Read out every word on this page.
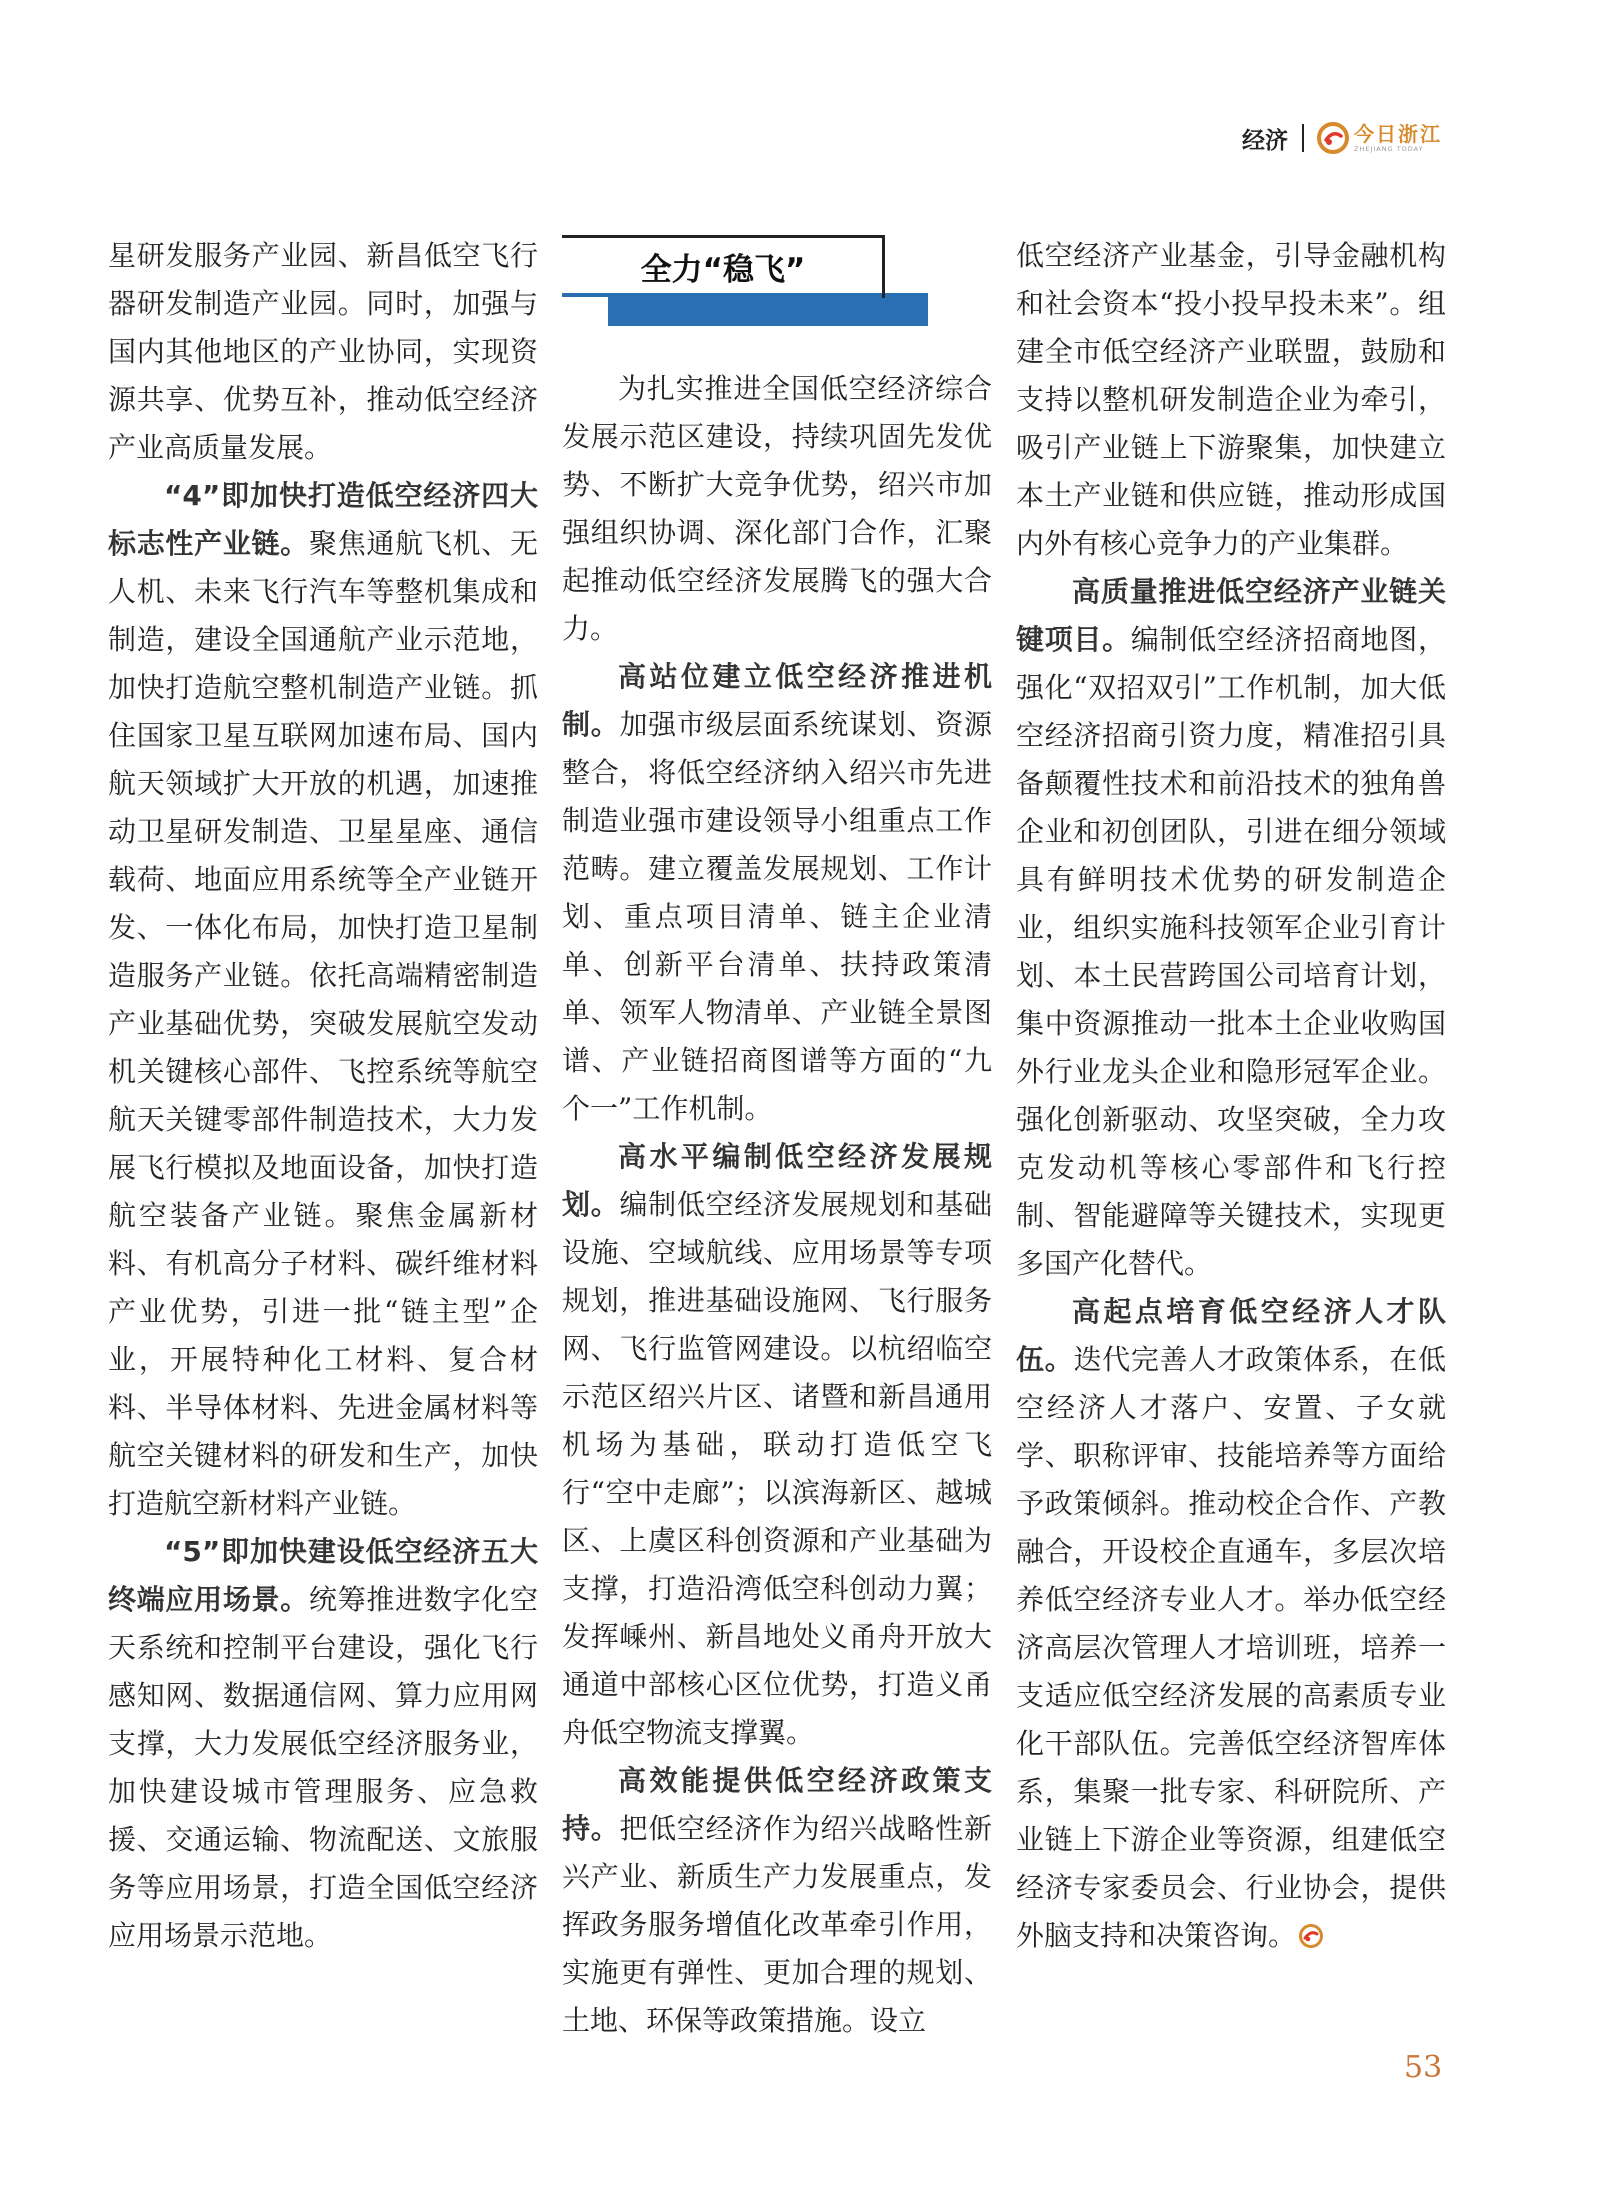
经济	今日浙江
ZHEJIANG TODAY

星研发服务产业园、新昌低空飞行器研发制造产业园。同时，加强与国内其他地区的产业协同，实现资源共享、优势互补，推动低空经济产业高质量发展。

“4”即加快打造低空经济四大标志性产业链。聚焦通航飞机、无人机、未来飞行汽车等整机集成和制造，建设全国通航产业示范地，加快打造航空整机制造产业链。抓住国家卫星互联网加速布局、国内航天领域扩大开放的机遇，加速推动卫星研发制造、卫星星座、通信载荷、地面应用系统等全产业链开发、一体化布局，加快打造卫星制造服务产业链。依托高端精密制造产业基础优势，突破发展航空发动机关键核心部件、飞控系统等航空航天关键零部件制造技术，大力发展飞行模拟及地面设备，加快打造航空装备产业链。聚焦金属新材料、有机高分子材料、碳纤维材料产业优势，引进一批“链主型”企业，开展特种化工材料、复合材料、半导体材料、先进金属材料等航空关键材料的研发和生产，加快打造航空新材料产业链。

“5”即加快建设低空经济五大终端应用场景。统筹推进数字化空天系统和控制平台建设，强化飞行感知网、数据通信网、算力应用网支撑，大力发展低空经济服务业，加快建设城市管理服务、应急救援、交通运输、物流配送、文旅服务等应用场景，打造全国低空经济应用场景示范地。

全力“稳飞”

为扎实推进全国低空经济综合发展示范区建设，持续巩固先发优势、不断扩大竞争优势，绍兴市加强组织协调、深化部门合作，汇聚起推动低空经济发展腾飞的强大合力。

高站位建立低空经济推进机制。加强市级层面系统谋划、资源整合，将低空经济纳入绍兴市先进制造业强市建设领导小组重点工作范畴。建立覆盖发展规划、工作计划、重点项目清单、链主企业清单、创新平台清单、扶持政策清单、领军人物清单、产业链全景图谱、产业链招商图谱等方面的“九个一”工作机制。

高水平编制低空经济发展规划。编制低空经济发展规划和基础设施、空域航线、应用场景等专项规划，推进基础设施网、飞行服务网、飞行监管网建设。以杭绍临空示范区绍兴片区、诸暨和新昌通用机场为基础，联动打造低空飞行“空中走廊”；以滨海新区、越城区、上虞区科创资源和产业基础为支撑，打造沿湾低空科创动力翼；发挥嵊州、新昌地处义甬舟开放大通道中部核心区位优势，打造义甬舟低空物流支撑翼。

高效能提供低空经济政策支持。把低空经济作为绍兴战略性新兴产业、新质生产力发展重点，发挥政务服务增值化改革牵引作用，实施更有弹性、更加合理的规划、土地、环保等政策措施。设立

低空经济产业基金，引导金融机构和社会资本“投小投早投未来”。组建全市低空经济产业联盟，鼓励和支持以整机研发制造企业为牵引，吸引产业链上下游聚集，加快建立本土产业链和供应链，推动形成国内外有核心竞争力的产业集群。

高质量推进低空经济产业链关键项目。编制低空经济招商地图，强化“双招双引”工作机制，加大低空经济招商引资力度，精准招引具备颠覆性技术和前沿技术的独角兽企业和初创团队，引进在细分领域具有鲜明技术优势的研发制造企业，组织实施科技领军企业引育计划、本土民营跨国公司培育计划，集中资源推动一批本土企业收购国外行业龙头企业和隐形冠军企业。强化创新驱动、攻坚突破，全力攻克发动机等核心零部件和飞行控制、智能避障等关键技术，实现更多国产化替代。

高起点培育低空经济人才队伍。迭代完善人才政策体系，在低空经济人才落户、安置、子女就学、职称评审、技能培养等方面给予政策倾斜。推动校企合作、产教融合，开设校企直通车，多层次培养低空经济专业人才。举办低空经济高层次管理人才培训班，培养一支适应低空经济发展的高素质专业化干部队伍。完善低空经济智库体系，集聚一批专家、科研院所、产业链上下游企业等资源，组建低空经济专家委员会、行业协会，提供外脑支持和决策咨询。

53
